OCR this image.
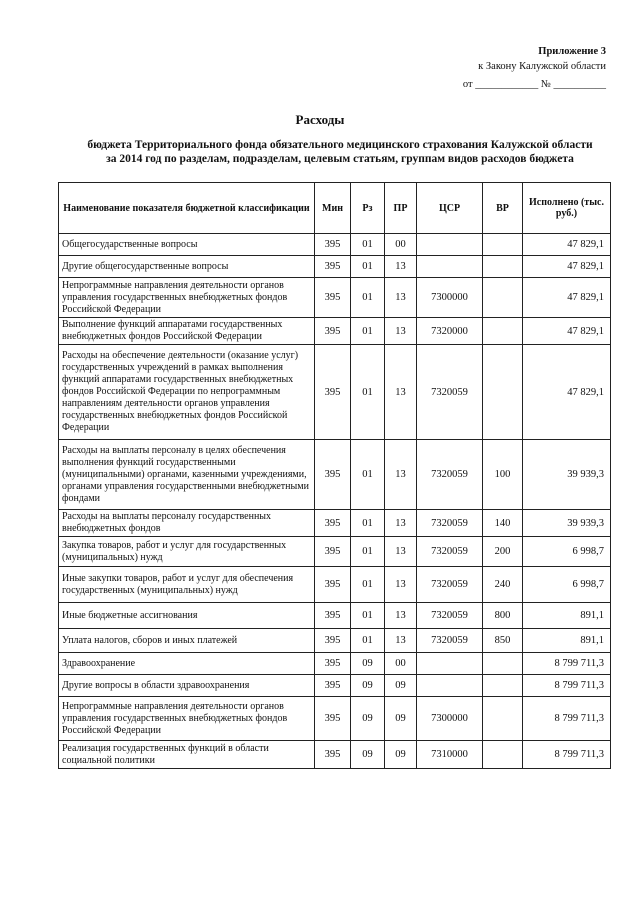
Приложение 3
к Закону Калужской области
от ____________ № __________
Расходы
бюджета Территориального фонда обязательного медицинского страхования Калужской области
за 2014 год по разделам, подразделам, целевым статьям, группам видов расходов бюджета
Наименование показателя бюджетной классификации	Мин	Рз	ПР	ЦСР	ВР	Исполнено (тыс. руб.)
Общегосударственные вопросы	395	01	00			47 829,1
Другие общегосударственные вопросы	395	01	13			47 829,1
Непрограммные направления деятельности органов управления государственных внебюджетных фондов Российской Федерации	395	01	13	7300000		47 829,1
Выполнение функций аппаратами государственных внебюджетных фондов Российской Федерации	395	01	13	7320000		47 829,1
Расходы на обеспечение деятельности (оказание услуг) государственных учреждений в рамках выполнения функций аппаратами государственных внебюджетных фондов Российской Федерации по непрограммным направлениям деятельности органов управления государственных внебюджетных фондов Российской Федерации	395	01	13	7320059		47 829,1
Расходы на выплаты персоналу в целях обеспечения выполнения функций государственными (муниципальными) органами, казенными учреждениями, органами управления государственными внебюджетными фондами	395	01	13	7320059	100	39 939,3
Расходы на выплаты персоналу государственных внебюджетных фондов	395	01	13	7320059	140	39 939,3
Закупка товаров, работ и услуг для государственных (муниципальных) нужд	395	01	13	7320059	200	6 998,7
Иные закупки товаров, работ и услуг для обеспечения государственных (муниципальных) нужд	395	01	13	7320059	240	6 998,7
Иные бюджетные ассигнования	395	01	13	7320059	800	891,1
Уплата налогов, сборов и иных платежей	395	01	13	7320059	850	891,1
Здравоохранение	395	09	00			8 799 711,3
Другие вопросы в области здравоохранения	395	09	09			8 799 711,3
Непрограммные направления деятельности органов управления государственных внебюджетных фондов Российской Федерации	395	09	09	7300000		8 799 711,3
Реализация государственных функций в области социальной политики	395	09	09	7310000		8 799 711,3
